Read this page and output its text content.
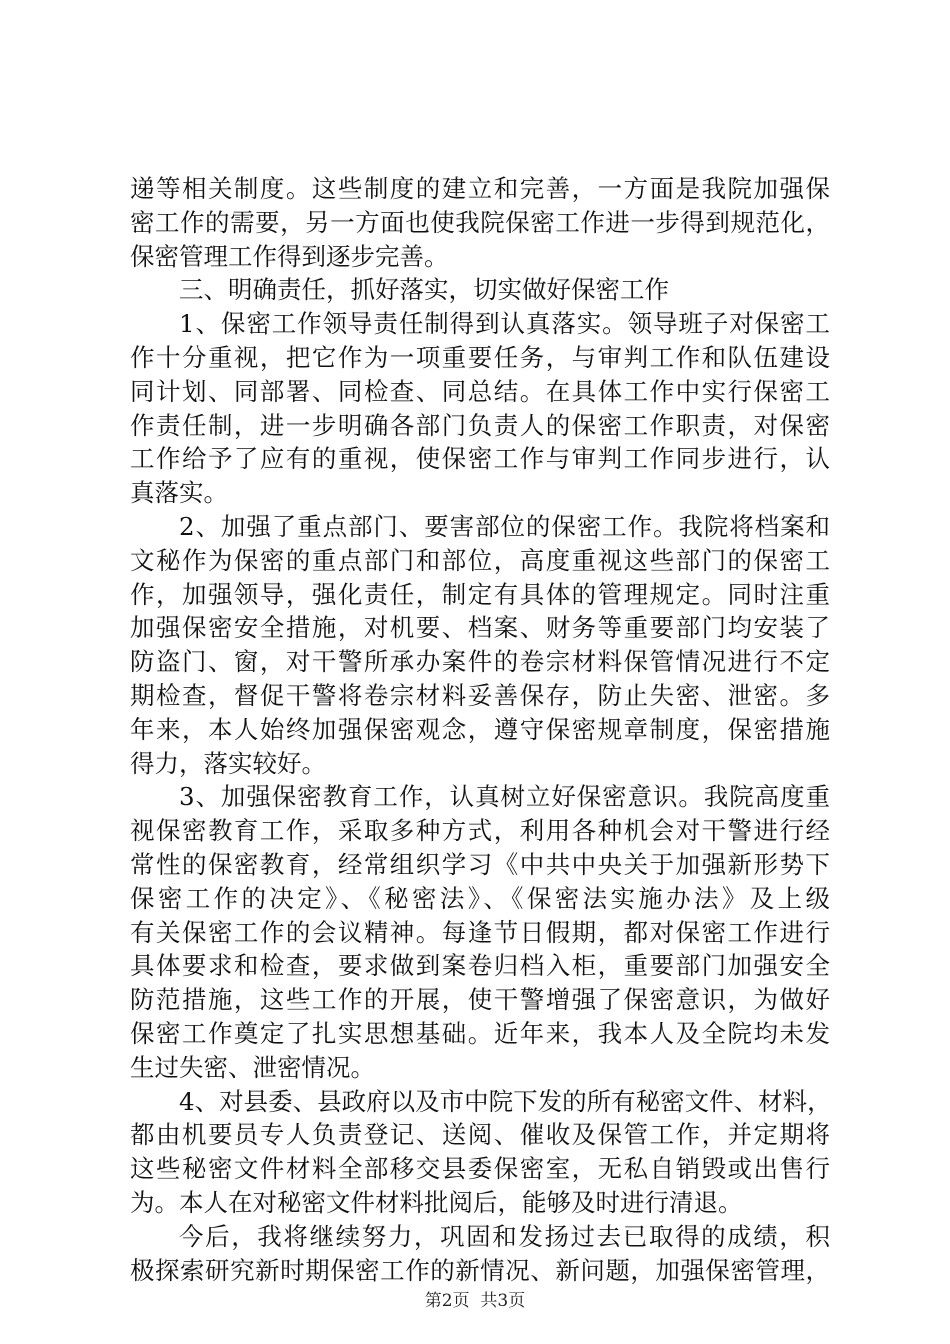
递等相关制度。这些制度的建立和完善，一方面是我院加强保
密工作的需要，另一方面也使我院保密工作进一步得到规范化，
保密管理工作得到逐步完善。
三、明确责任，抓好落实，切实做好保密工作
1、保密工作领导责任制得到认真落实。领导班子对保密工
作十分重视，把它作为一项重要任务，与审判工作和队伍建设
同计划、同部署、同检查、同总结。在具体工作中实行保密工
作责任制，进一步明确各部门负责人的保密工作职责，对保密
工作给予了应有的重视，使保密工作与审判工作同步进行，认
真落实。
2、加强了重点部门、要害部位的保密工作。我院将档案和
文秘作为保密的重点部门和部位，高度重视这些部门的保密工
作，加强领导，强化责任，制定有具体的管理规定。同时注重
加强保密安全措施，对机要、档案、财务等重要部门均安装了
防盗门、窗，对干警所承办案件的卷宗材料保管情况进行不定
期检查，督促干警将卷宗材料妥善保存，防止失密、泄密。多
年来，本人始终加强保密观念，遵守保密规章制度，保密措施
得力，落实较好。
3、加强保密教育工作，认真树立好保密意识。我院高度重
视保密教育工作，采取多种方式，利用各种机会对干警进行经
常性的保密教育，经常组织学习《中共中央关于加强新形势下
保密工作的决定》、《秘密法》、《保密法实施办法》及上级
有关保密工作的会议精神。每逢节日假期，都对保密工作进行
具体要求和检查，要求做到案卷归档入柜，重要部门加强安全
防范措施，这些工作的开展，使干警增强了保密意识，为做好
保密工作奠定了扎实思想基础。近年来，我本人及全院均未发
生过失密、泄密情况。
4、对县委、县政府以及市中院下发的所有秘密文件、材料，
都由机要员专人负责登记、送阅、催收及保管工作，并定期将
这些秘密文件材料全部移交县委保密室，无私自销毁或出售行
为。本人在对秘密文件材料批阅后，能够及时进行清退。
今后，我将继续努力，巩固和发扬过去已取得的成绩，积
极探索研究新时期保密工作的新情况、新问题，加强保密管理，
第2页  共3页
